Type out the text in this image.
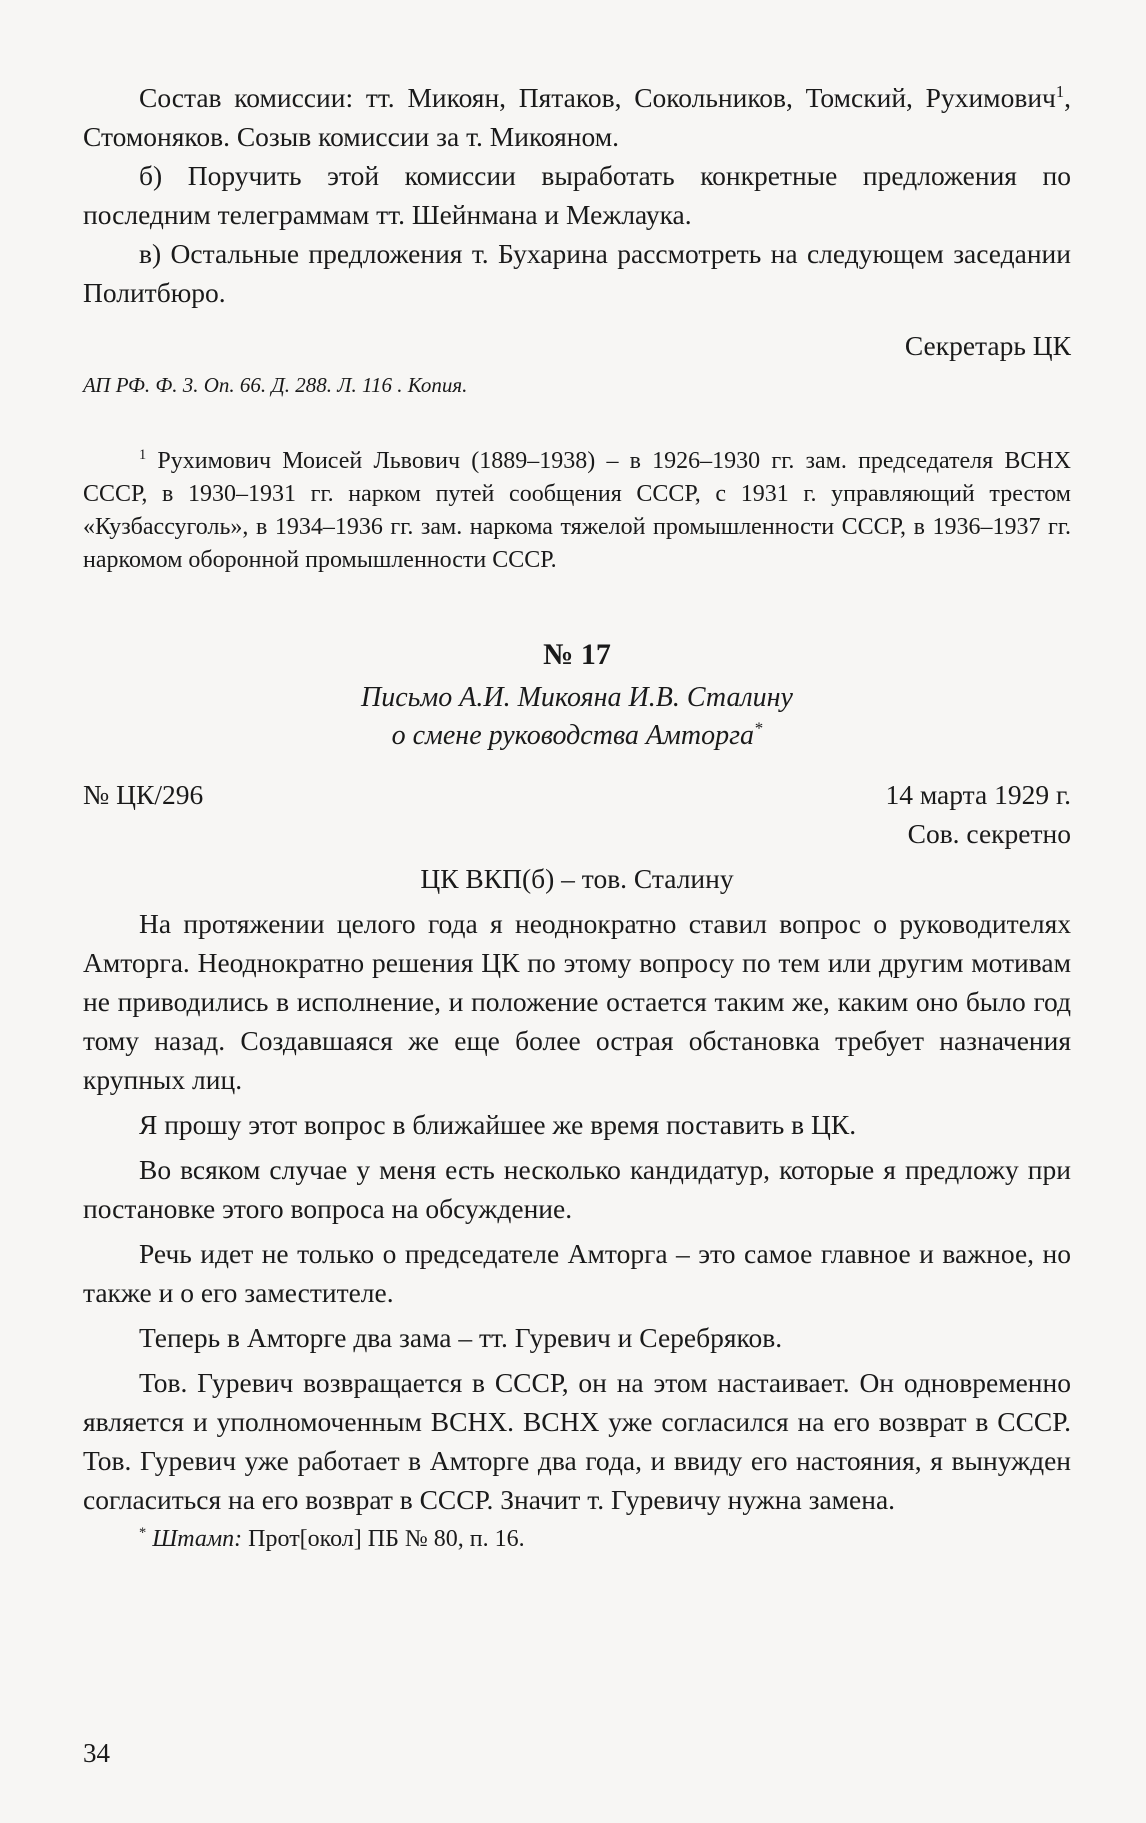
Состав комиссии: тт. Микоян, Пятаков, Сокольников, Томский, Рухимович$^1$, Стомоняков. Созыв комиссии за т. Микояном.

б) Поручить этой комиссии выработать конкретные предложения по последним телеграммам тт. Шейнмана и Межлаука.

в) Остальные предложения т. Бухарина рассмотреть на следующем заседании Политбюро.

Секретарь ЦК

АП РФ. Ф. 3. Оп. 66. Д. 288. Л. 116 . Копия.

$^1$ Рухимович Моисей Львович (1889–1938) – в 1926–1930 гг. зам. председателя ВСНХ СССР, в 1930–1931 гг. нарком путей сообщения СССР, с 1931 г. управляющий трестом «Кузбассуголь», в 1934–1936 гг. зам. наркома тяжелой промышленности СССР, в 1936–1937 гг. наркомом оборонной промышленности СССР.

№ 17

Письмо А.И. Микояна И.В. Сталину
о смене руководства Амторга*

№ ЦК/296	14 марта 1929 г.

Сов. секретно

ЦК ВКП(б) – тов. Сталину

На протяжении целого года я неоднократно ставил вопрос о руководителях Амторга. Неоднократно решения ЦК по этому вопросу по тем или другим мотивам не приводились в исполнение, и положение остается таким же, каким оно было год тому назад. Создавшаяся же еще более острая обстановка требует назначения крупных лиц.

Я прошу этот вопрос в ближайшее же время поставить в ЦК.

Во всяком случае у меня есть несколько кандидатур, которые я предложу при постановке этого вопроса на обсуждение.

Речь идет не только о председателе Амторга – это самое главное и важное, но также и о его заместителе.

Теперь в Амторге два зама – тт. Гуревич и Серебряков.

Тов. Гуревич возвращается в СССР, он на этом настаивает. Он одновременно является и уполномоченным ВСНХ. ВСНХ уже согласился на его возврат в СССР. Тов. Гуревич уже работает в Амторге два года, и ввиду его настояния, я вынужден согласиться на его возврат в СССР. Значит т. Гуревичу нужна замена.

* Штамп: Прот[окол] ПБ № 80, п. 16.

34
